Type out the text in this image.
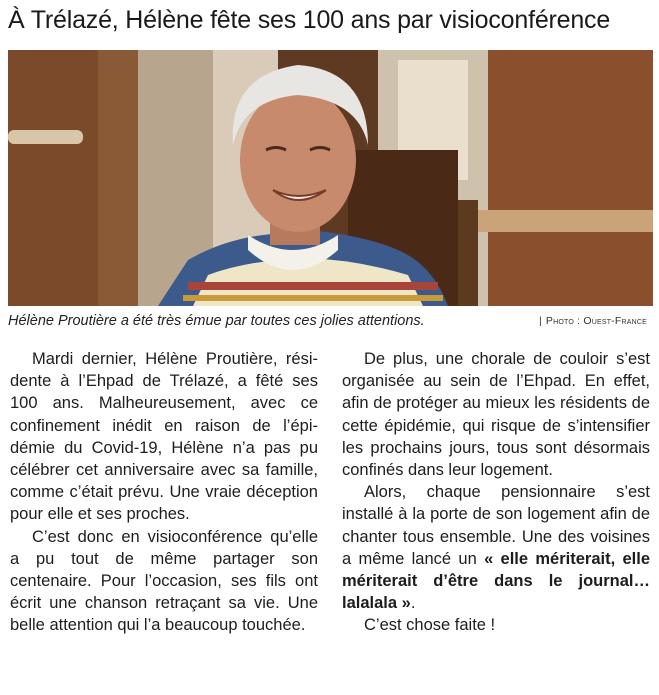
À Trélazé, Hélène fête ses 100 ans par visioconférence
Hélène Proutière a été très émue par toutes ces jolies attentions.	| Photo : Ouest-France

Mardi dernier, Hélène Proutière, résidente à l’Ehpad de Trélazé, a fêté ses 100 ans. Malheureusement, avec ce confinement inédit en raison de l’épidémie du Covid-19, Hélène n’a pas pu célébrer cet anniversaire avec sa famille, comme c’était prévu. Une vraie déception pour elle et ses proches.

C’est donc en visioconférence qu’elle a pu tout de même partager son centenaire. Pour l’occasion, ses fils ont écrit une chanson retraçant sa vie. Une belle attention qui l’a beaucoup touchée.

De plus, une chorale de couloir s’est organisée au sein de l’Ehpad. En effet, afin de protéger au mieux les résidents de cette épidémie, qui risque de s’intensifier les prochains jours, tous sont désormais confinés dans leur logement.

Alors, chaque pensionnaire s’est installé à la porte de son logement afin de chanter tous ensemble. Une des voisines a même lancé un « elle mériterait, elle mériterait d’être dans le journal… lalalala ».

C’est chose faite !
